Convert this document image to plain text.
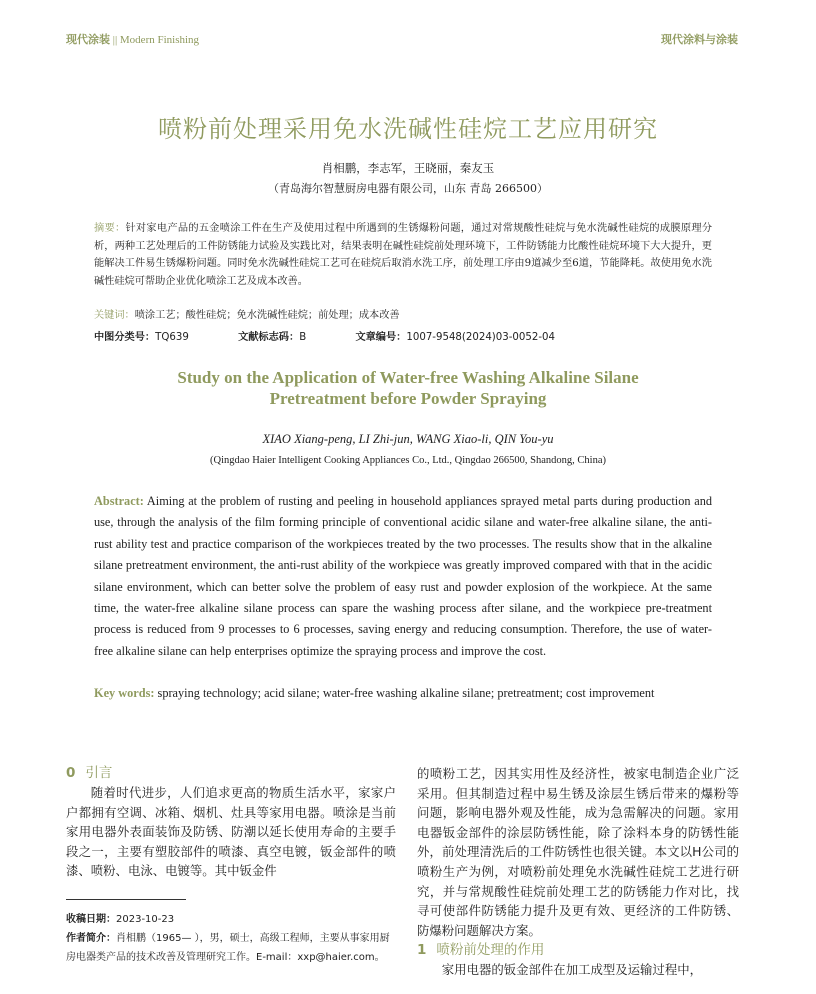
现代涂装 || Modern Finishing	现代涂料与涂装
喷粉前处理采用免水洗碱性硅烷工艺应用研究
肖相鹏，李志军，王晓丽，秦友玉
（青岛海尔智慧厨房电器有限公司，山东 青岛 266500）
摘要：针对家电产品的五金喷涂工件在生产及使用过程中所遇到的生锈爆粉问题，通过对常规酸性硅烷与免水洗碱性硅烷的成膜原理分析，两种工艺处理后的工件防锈能力试验及实践比对，结果表明在碱性硅烷前处理环境下，工件防锈能力比酸性硅烷环境下大大提升，更能解决工件易生锈爆粉问题。同时免水洗碱性硅烷工艺可在硅烷后取消水洗工序，前处理工序由9道减少至6道，节能降耗。故使用免水洗碱性硅烷可帮助企业优化喷涂工艺及成本改善。
关键词：喷涂工艺；酸性硅烷；免水洗碱性硅烷；前处理；成本改善
中图分类号：TQ639	文献标志码：B	文章编号：1007-9548(2024)03-0052-04
Study on the Application of Water-free Washing Alkaline Silane Pretreatment before Powder Spraying
XIAO Xiang-peng, LI Zhi-jun, WANG Xiao-li, QIN You-yu
(Qingdao Haier Intelligent Cooking Appliances Co., Ltd., Qingdao 266500, Shandong, China)
Abstract: Aiming at the problem of rusting and peeling in household appliances sprayed metal parts during production and use, through the analysis of the film forming principle of conventional acidic silane and water-free alkaline silane, the anti-rust ability test and practice comparison of the workpieces treated by the two processes. The results show that in the alkaline silane pretreatment environment, the anti-rust ability of the workpiece was greatly improved compared with that in the acidic silane environment, which can better solve the problem of easy rust and powder explosion of the workpiece. At the same time, the water-free alkaline silane process can spare the washing process after silane, and the workpiece pre-treatment process is reduced from 9 processes to 6 processes, saving energy and reducing consumption. Therefore, the use of water-free alkaline silane can help enterprises optimize the spraying process and improve the cost.
Key words: spraying technology; acid silane; water-free washing alkaline silane; pretreatment; cost improvement
0 引言

随着时代进步，人们追求更高的物质生活水平，家家户户都拥有空调、冰箱、烟机、灶具等家用电器。喷涂是当前家用电器外表面装饰及防锈、防潮以延长使用寿命的主要手段之一，主要有塑胶部件的喷漆、真空电镀，钣金部件的喷漆、喷粉、电泳、电镀等。其中钣金件

收稿日期：2023-10-23
作者简介：肖相鹏（1965— ），男，硕士，高级工程师，主要从事家用厨房电器类产品的技术改善及管理研究工作。E-mail：xxp@haier.com。

的喷粉工艺，因其实用性及经济性，被家电制造企业广泛采用。但其制造过程中易生锈及涂层生锈后带来的爆粉等问题，影响电器外观及性能，成为急需解决的问题。家用电器钣金部件的涂层防锈性能，除了涂料本身的防锈性能外，前处理清洗后的工件防锈性也很关键。本文以H公司的喷粉生产为例，对喷粉前处理免水洗碱性硅烷工艺进行研究，并与常规酸性硅烷前处理工艺的防锈能力作对比，找寻可使部件防锈能力提升及更有效、更经济的工件防锈、防爆粉问题解决方案。

1 喷粉前处理的作用

家用电器的钣金部件在加工成型及运输过程中，
